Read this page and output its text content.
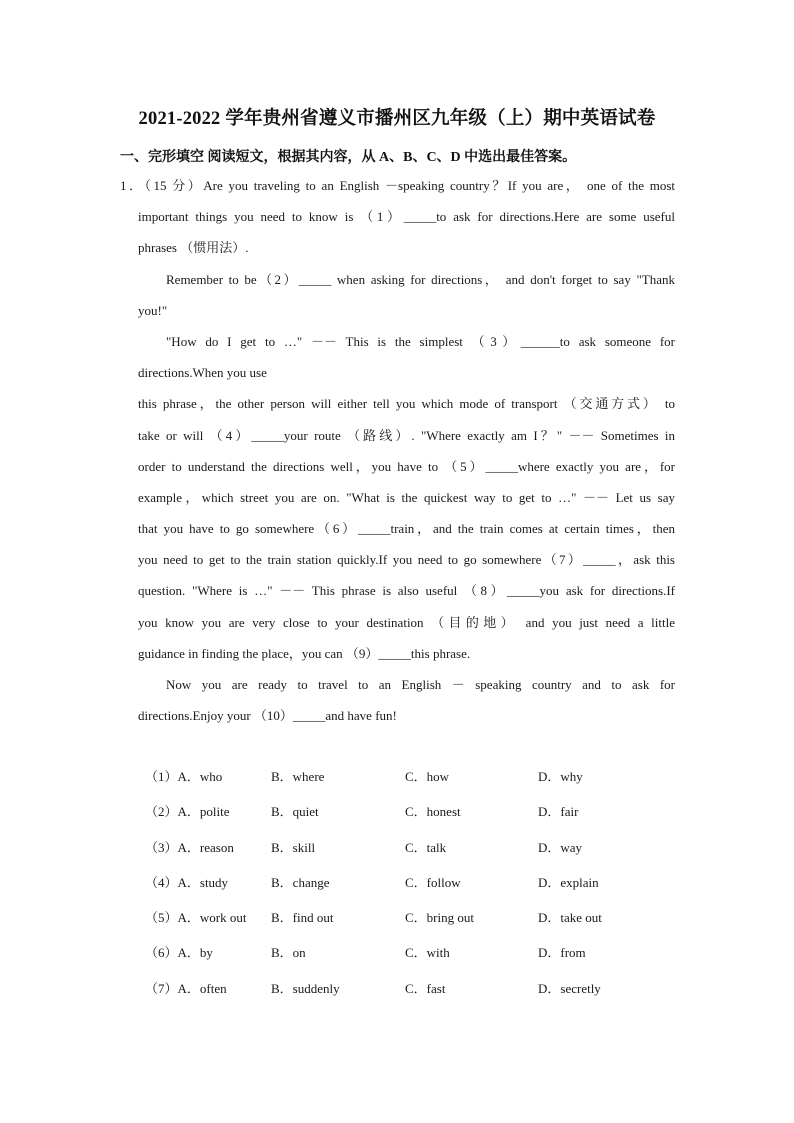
2021-2022 学年贵州省遵义市播州区九年级（上）期中英语试卷
一、完形填空 阅读短文，根据其内容，从 A、B、C、D 中选出最佳答案。
1．（15 分）Are you traveling to an English －speaking country？If you are， one of the most
important things you need to know is （1）_____to ask for directions.Here are some useful
phrases （惯用法）.
Remember to be（2）_____ when asking for directions， and don't forget to say "Thank
you!"
"How do I get to …" －－ This is the simplest （3）______to ask someone for
directions.When you use
this phrase，the other person will either tell you which mode of transport （交通方式） to
take or will （4）_____your route （路线）. "Where exactly am I？" －－ Sometimes in
order to understand the directions well，you have to （5）_____where exactly you are，for
example，which street you are on. "What is the quickest way to get to …" －－ Let us say
that you have to go somewhere（6）_____train，and the train comes at certain times，then
you need to get to the train station quickly.If you need to go somewhere（7）_____，ask this
question. "Where is …" －－ This phrase is also useful （8）_____you ask for directions.If
you know you are very close to your destination （目的地） and you just need a little
guidance in finding the place，you can （9）_____this phrase.
Now you are ready to travel to an English － speaking country and to ask for
directions.Enjoy your （10）_____and have fun!
（1）A．who	B．where	C．how	D．why
（2）A．polite	B．quiet	C．honest	D．fair
（3）A．reason	B．skill	C．talk	D．way
（4）A．study	B．change	C．follow	D．explain
（5）A．work out B．find out	C．bring out	D．take out
（6）A．by	B．on	C．with	D．from
（7）A．often	B．suddenly	C．fast	D．secretly
